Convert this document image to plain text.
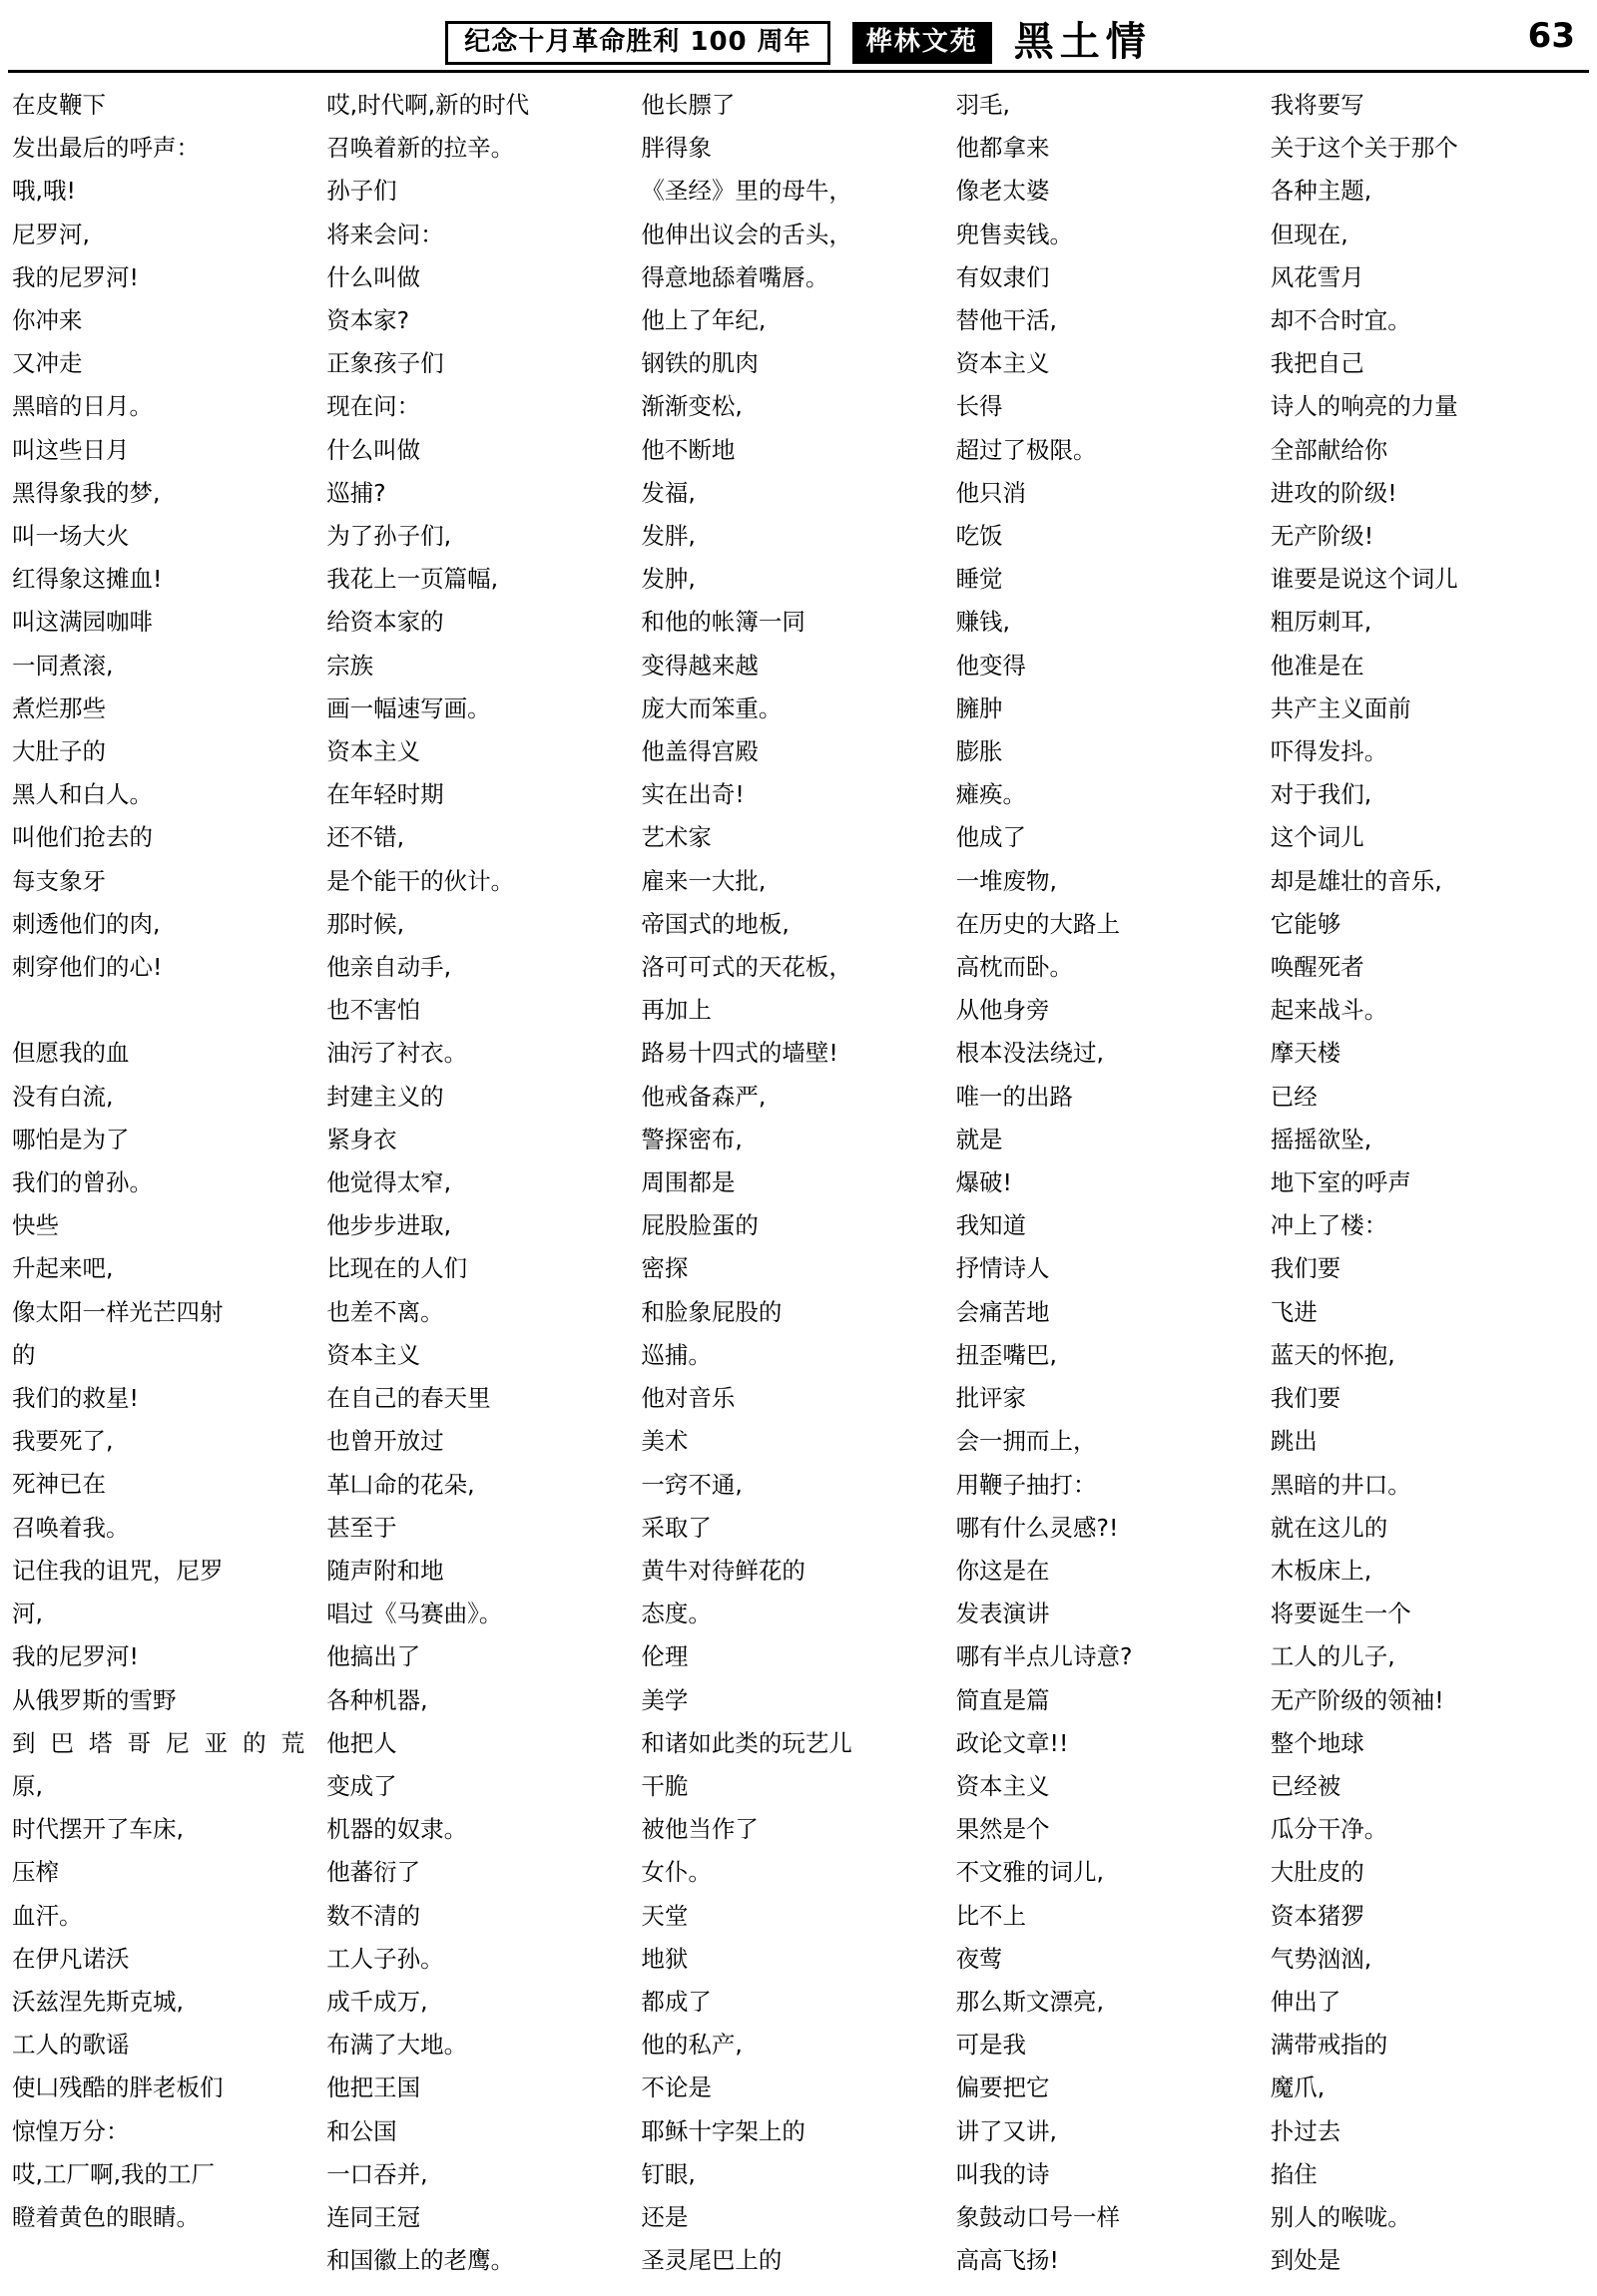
纪念十月革命胜利 100 周年	桦林文苑 黑土情	63
在皮鞭下
发出最后的呼声：
哦,哦!
尼罗河,
我的尼罗河!
你冲来
又冲走
黑暗的日月。
叫这些日月
黑得象我的梦,
叫一场大火
红得象这摊血!
叫这满园咖啡
一同煮滚,
煮烂那些
大肚子的
黑人和白人。
叫他们抢去的
每支象牙
刺透他们的肉,
刺穿他们的心!
但愿我的血
没有白流,
哪怕是为了
我们的曾孙。
快些
升起来吧,
像太阳一样光芒四射
的
我们的救星!
我要死了,
死神已在
召唤着我。
记住我的诅咒，尼罗
河,
我的尼罗河!
从俄罗斯的雪野
到巴塔哥尼亚的荒
原,
时代摆开了车床,
压榨
血汗。
在伊凡诺沃
沃兹涅先斯克城,
工人的歌谣
使凵残酷的胖老板们
惊惶万分：
哎,工厂啊,我的工厂
瞪着黄色的眼睛。
哎,时代啊,新的时代
召唤着新的拉辛。
孙子们
将来会问：
什么叫做
资本家?
正象孩子们
现在问：
什么叫做
巡捕?
为了孙子们,
我花上一页篇幅,
给资本家的
宗族
画一幅速写画。
资本主义
在年轻时期
还不错,
是个能干的伙计。
那时候,
他亲自动手,
也不害怕
油污了衬衣。
封建主义的
紧身衣
他觉得太窄,
他步步进取,
比现在的人们
也差不离。
资本主义
在自己的春天里
也曾开放过
革凵命的花朵,
甚至于
随声附和地
唱过《马赛曲》。
他搞出了
各种机器,
他把人
变成了
机器的奴隶。
他蕃衍了
数不清的
工人子孙。
成千成万,
布满了大地。
他把王国
和公国
一口吞并,
连同王冠
和国徽上的老鹰。
他长膘了
胖得象
《圣经》里的母牛，
他伸出议会的舌头，
得意地舔着嘴唇。
他上了年纪,
钢铁的肌肉
渐渐变松,
他不断地
发福,
发胖,
发肿,
和他的帐簿一同
变得越来越
庞大而笨重。
他盖得宫殿
实在出奇!
艺术家
雇来一大批,
帝国式的地板,
洛可可式的天花板，
再加上
路易十四式的墙壁!
他戒备森严,
警探密布,
周围都是
屁股脸蛋的
密探
和脸象屁股的
巡捕。
他对音乐
美术
一窍不通,
采取了
黄牛对待鲜花的
态度。
伦理
美学
和诸如此类的玩艺儿
干脆
被他当作了
女仆。
天堂
地狱
都成了
他的私产,
不论是
耶稣十字架上的
钉眼,
还是
圣灵尾巴上的
羽毛,
他都拿来
像老太婆
兜售卖钱。
有奴隶们
替他干活,
资本主义
长得
超过了极限。
他只消
吃饭
睡觉
赚钱,
他变得
臃肿
膨胀
瘫痪。
他成了
一堆废物,
在历史的大路上
高枕而卧。
从他身旁
根本没法绕过,
唯一的出路
就是
爆破!
我知道
抒情诗人
会痛苦地
扭歪嘴巴,
批评家
会一拥而上，
用鞭子抽打：
哪有什么灵感?!
你这是在
发表演讲
哪有半点儿诗意?
简直是篇
政论文章!!
资本主义
果然是个
不文雅的词儿,
比不上
夜莺
那么斯文漂亮,
可是我
偏要把它
讲了又讲,
叫我的诗
象鼓动口号一样
高高飞扬!
我将要写
关于这个关于那个
各种主题,
但现在,
风花雪月
却不合时宜。
我把自己
诗人的响亮的力量
全部献给你
进攻的阶级!
无产阶级!
谁要是说这个词儿
粗厉刺耳,
他准是在
共产主义面前
吓得发抖。
对于我们,
这个词儿
却是雄壮的音乐,
它能够
唤醒死者
起来战斗。
摩天楼
已经
摇摇欲坠,
地下室的呼声
冲上了楼：
我们要
飞进
蓝天的怀抱,
我们要
跳出
黑暗的井口。
就在这儿的
木板床上,
将要诞生一个
工人的儿子,
无产阶级的领袖!
整个地球
已经被
瓜分干净。
大肚皮的
资本猪猡
气势汹汹,
伸出了
满带戒指的
魔爪,
扑过去
掐住
别人的喉咙。
到处是
